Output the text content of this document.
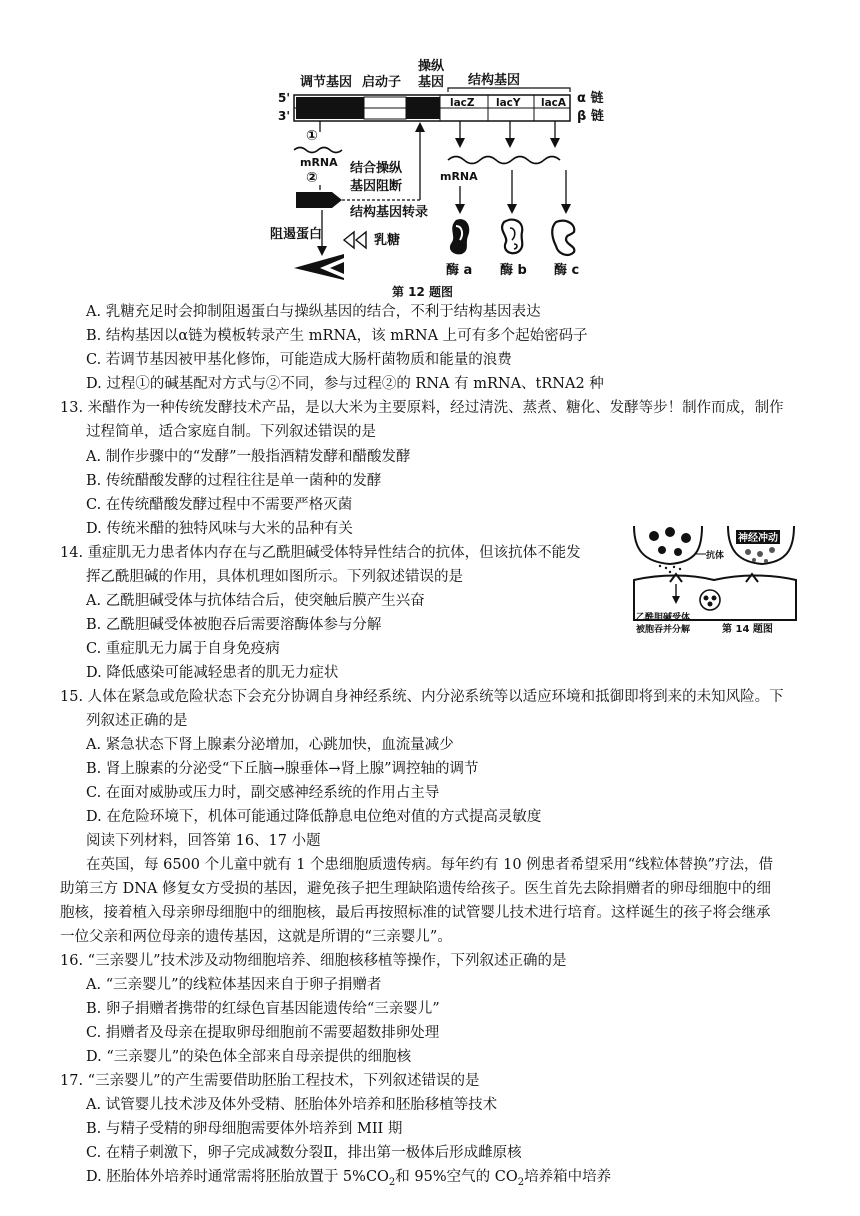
操纵
调节基因 启动子 基因 结构基因
5'
3'
α 链
β 链
lacZ lacY lacA
①
mRNA
②
结合操纵
基因阻断
结构基因转录
阻遏蛋白	乳糖
mRNA
酶 a 酶 b 酶 c
第 12 题图
A. 乳糖充足时会抑制阻遏蛋白与操纵基因的结合，不利于结构基因表达
B. 结构基因以α链为模板转录产生 mRNA，该 mRNA 上可有多个起始密码子
C. 若调节基因被甲基化修饰，可能造成大肠杆菌物质和能量的浪费
D. 过程①的碱基配对方式与②不同，参与过程②的 RNA 有 mRNA、tRNA2 种
13. 米醋作为一种传统发酵技术产品，是以大米为主要原料，经过清洗、蒸煮、糖化、发酵等步！制作而成，制作
过程简单，适合家庭自制。下列叙述错误的是
A. 制作步骤中的“发酵”一般指酒精发酵和醋酸发酵
B. 传统醋酸发酵的过程往往是单一菌种的发酵
C. 在传统醋酸发酵过程中不需要严格灭菌
D. 传统米醋的独特风味与大米的品种有关
神经冲动
抗体
乙酰胆碱受体
被胞吞并分解	第 14 题图
14. 重症肌无力患者体内存在与乙酰胆碱受体特异性结合的抗体，但该抗体不能发
挥乙酰胆碱的作用，具体机理如图所示。下列叙述错误的是
A. 乙酰胆碱受体与抗体结合后，使突触后膜产生兴奋
B. 乙酰胆碱受体被胞吞后需要溶酶体参与分解
C. 重症肌无力属于自身免疫病
D. 降低感染可能减轻患者的肌无力症状
15. 人体在紧急或危险状态下会充分协调自身神经系统、内分泌系统等以适应环境和抵御即将到来的未知风险。下
列叙述正确的是
A. 紧急状态下肾上腺素分泌增加，心跳加快，血流量减少
B. 肾上腺素的分泌受“下丘脑→腺垂体→肾上腺”调控轴的调节
C. 在面对威胁或压力时，副交感神经系统的作用占主导
D. 在危险环境下，机体可能通过降低静息电位绝对值的方式提高灵敏度
阅读下列材料，回答第 16、17 小题
在英国，每 6500 个儿童中就有 1 个患细胞质遗传病。每年约有 10 例患者希望采用“线粒体替换”疗法，借
助第三方 DNA 修复女方受损的基因，避免孩子把生理缺陷遗传给孩子。医生首先去除捐赠者的卵母细胞中的细
胞核，接着植入母亲卵母细胞中的细胞核，最后再按照标准的试管婴儿技术进行培育。这样诞生的孩子将会继承
一位父亲和两位母亲的遗传基因，这就是所谓的“三亲婴儿”。
16. “三亲婴儿”技术涉及动物细胞培养、细胞核移植等操作，下列叙述正确的是
A. “三亲婴儿”的线粒体基因来自于卵子捐赠者
B. 卵子捐赠者携带的红绿色盲基因能遗传给“三亲婴儿”
C. 捐赠者及母亲在提取卵母细胞前不需要超数排卵处理
D. “三亲婴儿”的染色体全部来自母亲提供的细胞核
17. “三亲婴儿”的产生需要借助胚胎工程技术，下列叙述错误的是
A. 试管婴儿技术涉及体外受精、胚胎体外培养和胚胎移植等技术
B. 与精子受精的卵母细胞需要体外培养到 MII 期
C. 在精子刺激下，卵子完成减数分裂Ⅱ，排出第一极体后形成雌原核
D. 胚胎体外培养时通常需将胚胎放置于 $5\%CO_2$和 95%空气的 $CO_2$培养箱中培养
